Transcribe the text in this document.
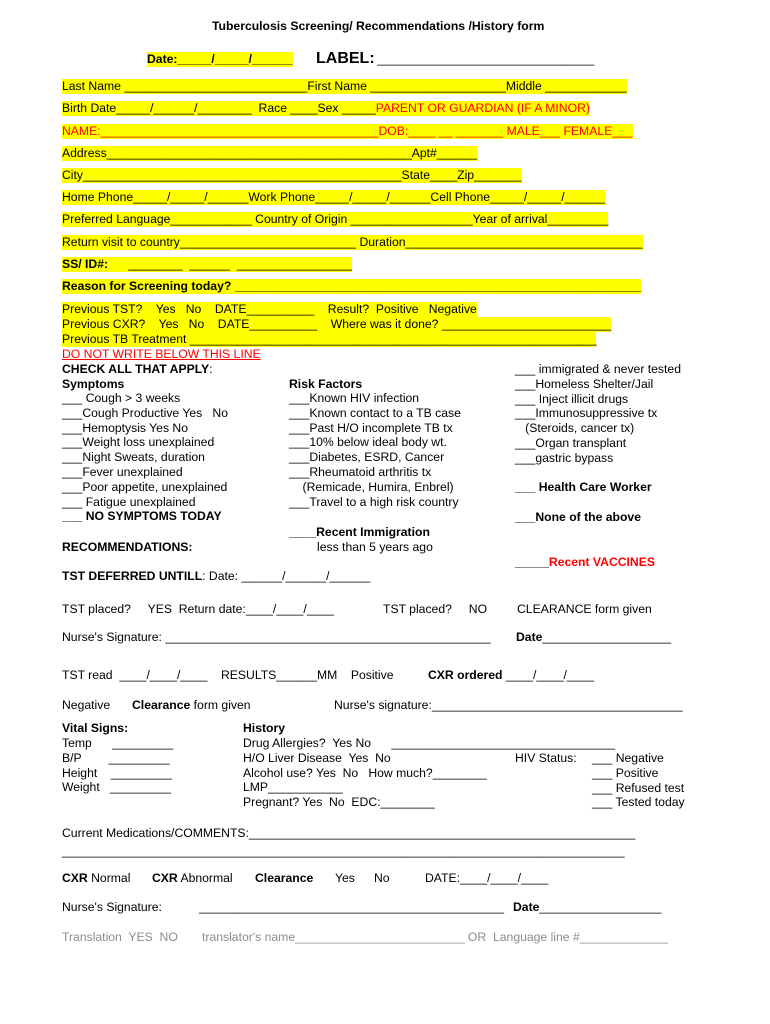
Tuberculosis Screening/ Recommendations /History form
Date:_____/_____/______ LABEL: ________________________________
Last Name ___________________________First Name ____________________Middle ____________
Birth Date_____/______/________  Race ____Sex _____PARENT OR GUARDIAN (IF A MINOR)
NAME:_________________________________________DOB:____ __ _______ MALE___ FEMALE___
Address_____________________________________________Apt#______
City_______________________________________________State____Zip_______
Home Phone_____/_____/______Work Phone_____/_____/______Cell Phone_____/_____/______
Preferred Language____________ Country of Origin __________________Year of arrival_________
Return visit to country__________________________ Duration___________________________________
SS/ ID#:      ________  ______  _________________
Reason for Screening today? ____________________________________________________________
Previous TST?    Yes   No    DATE__________    Result?  Positive   Negative
Previous CXR?    Yes   No    DATE__________    Where was it done? _________________________
Previous TB Treatment ____________________________________________________________
DO NOT WRITE BELOW THIS LINE
CHECK ALL THAT APPLY:
Symptoms
___ Cough > 3 weeks
___Cough Productive Yes   No
___Hemoptysis Yes No
___Weight loss unexplained
___Night Sweats, duration
___Fever unexplained
___Poor appetite, unexplained
___ Fatigue unexplained
___ NO SYMPTOMS TODAY
Risk Factors
___Known HIV infection
___Known contact to a TB case
___Past H/O incomplete TB tx
___10% below ideal body wt.
___Diabetes, ESRD, Cancer
___Rheumatoid arthritis tx
(Remicade, Humira, Enbrel)
___Travel to a high risk country
____Recent Immigration
less than 5 years ago
___ immigrated & never tested
___Homeless Shelter/Jail
___ Inject illicit drugs
___Immunosuppressive tx
(Steroids, cancer tx)
___Organ transplant
___gastric bypass
___ Health Care Worker
___None of the above
RECOMMENDATIONS:
_____Recent VACCINES
TST DEFERRED UNTILL: Date: ______/______/______
TST placed?     YES  Return date:____/____/____	TST placed?     NO CLEARANCE form given
Nurse's Signature: ________________________________________________ Date___________________
TST read  ____/____/____    RESULTS______MM    Positive	CXR ordered ____/____/____
Negative Clearance form given	Nurse's signature:_____________________________________
Vital Signs:
Temp      _________
B/P        _________
Height    _________
Weight   _________
History
Drug Allergies?  Yes No      _________________________________
H/O Liver Disease  Yes  No
Alcohol use? Yes  No   How much?________
LMP___________
Pregnant? Yes  No  EDC:________
HIV Status: ___ Negative
___ Positive
___ Refused test
___ Tested today
Current Medications/COMMENTS:_________________________________________________________
___________________________________________________________________________________
CXR Normal CXR Abnormal Clearance Yes No	DATE:____/____/____
Nurse's Signature:	_____________________________________________ Date__________________
Translation  YES  NO translator's name_________________________ OR  Language line #_____________
